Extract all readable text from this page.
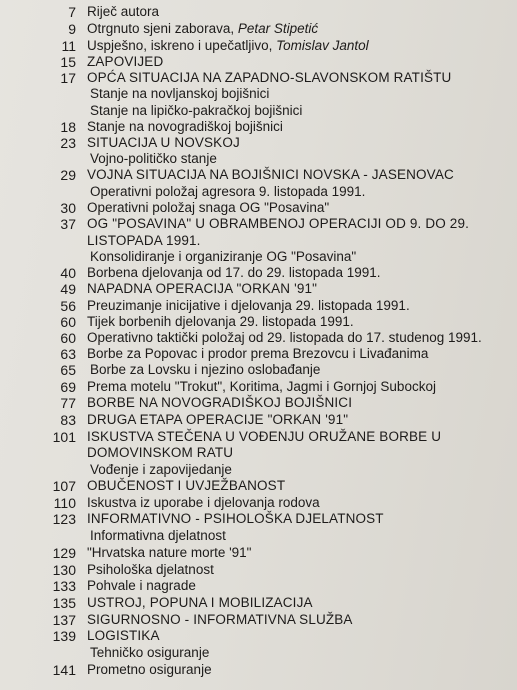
7 Riječ autora
9 Otrgnuto sjeni zaborava, Petar Stipetić
11 Uspješno, iskreno i upečatljivo, Tomislav Jantol
15 ZAPOVIJED
17 OPĆA SITUACIJA NA ZAPADNO-SLAVONSKOM RATIŠTU
Stanje na novljanskoj bojišnici
Stanje na lipičko-pakračkoj bojišnici
18 Stanje na novogradiškoj bojišnici
23 SITUACIJA U NOVSKOJ
Vojno-političko stanje
29 VOJNA SITUACIJA NA BOJIŠNICI NOVSKA - JASENOVAC
Operativni položaj agresora 9. listopada 1991.
30 Operativni položaj snaga OG "Posavina"
37 OG "POSAVINA" U OBRAMBENOJ OPERACIJI OD 9. DO 29.
LISTOPADA 1991.
Konsolidiranje i organiziranje OG "Posavina"
40 Borbena djelovanja od 17. do 29. listopada 1991.
49 NAPADNA OPERACIJA "ORKAN '91"
56 Preuzimanje inicijative i djelovanja 29. listopada 1991.
60 Tijek borbenih djelovanja 29. listopada 1991.
60 Operativno taktički položaj od 29. listopada do 17. studenog 1991.
63 Borbe za Popovac i prodor prema Brezovcu i Livađanima
65 Borbe za Lovsku i njezino oslobađanje
69 Prema motelu "Trokut", Koritima, Jagmi i Gornjoj Subockoj
77 BORBE NA NOVOGRADIŠKOJ BOJIŠNICI
83 DRUGA ETAPA OPERACIJE "ORKAN '91"
101 ISKUSTVA STEČENA U VOĐENJU ORUŽANE BORBE U
DOMOVINSKOM RATU
Vođenje i zapovijedanje
107 OBUČENOST I UVJEŽBANOST
110 Iskustva iz uporabe i djelovanja rodova
123 INFORMATIVNO - PSIHOLOŠKA DJELATNOST
Informativna djelatnost
129 "Hrvatska nature morte '91"
130 Psihološka djelatnost
133 Pohvale i nagrade
135 USTROJ, POPUNA I MOBILIZACIJA
137 SIGURNOSNO - INFORMATIVNA SLUŽBA
139 LOGISTIKA
Tehničko osiguranje
141 Prometno osiguranje
